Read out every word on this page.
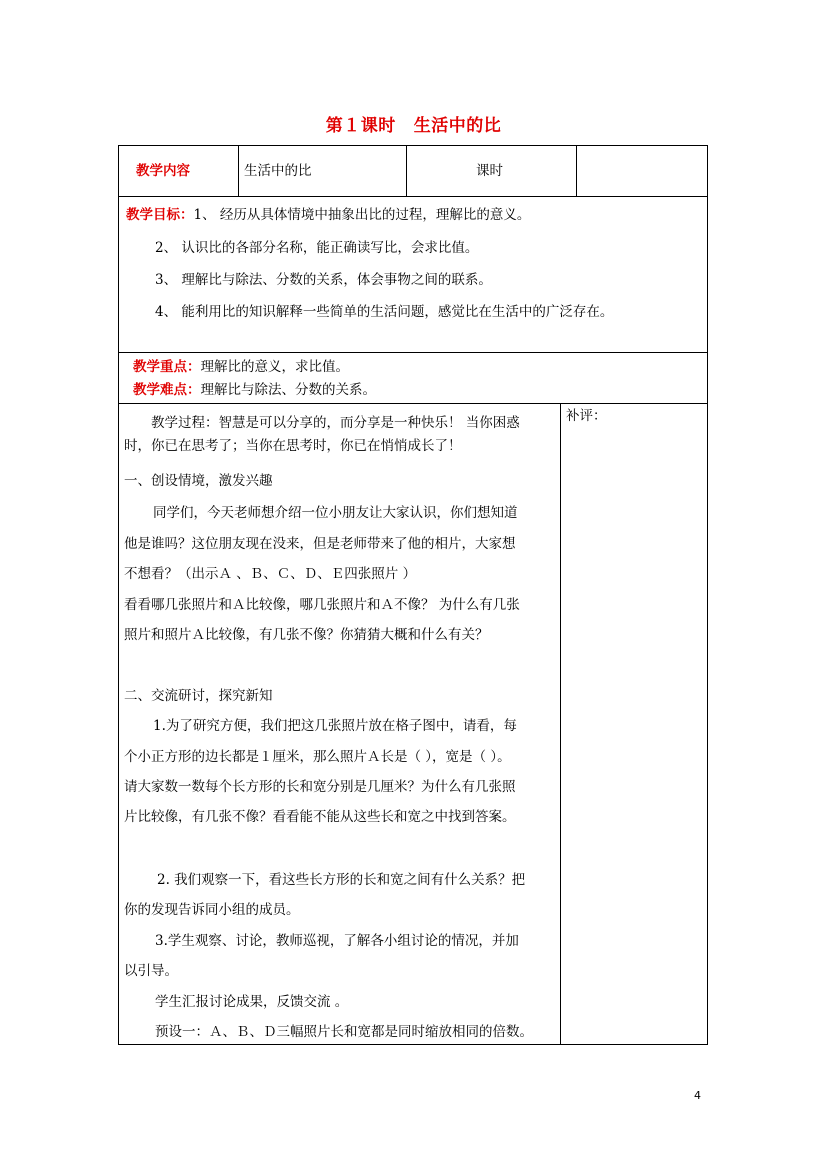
第１课时 生活中的比
教学内容	生活中的比	课时
教学目标：1、 经历从具体情境中抽象出比的过程，理解比的意义。
2、 认识比的各部分名称，能正确读写比，会求比值。
3、 理解比与除法、分数的关系，体会事物之间的联系。
4、 能利用比的知识解释一些简单的生活问题，感觉比在生活中的广泛存在。
教学重点：理解比的意义，求比值。
教学难点：理解比与除法、分数的关系。
补评：
教学过程：智慧是可以分享的，而分享是一种快乐！ 当你困惑
时，你已在思考了；当你在思考时，你已在悄悄成长了！
一、创设情境，激发兴趣
同学们，今天老师想介绍一位小朋友让大家认识，你们想知道
他是谁吗？这位朋友现在没来，但是老师带来了他的相片，大家想
不想看？（出示Ａ 、Ｂ、Ｃ、Ｄ、Ｅ四张照片 ）
看看哪几张照片和Ａ比较像，哪几张照片和Ａ不像？ 为什么有几张
照片和照片Ａ比较像，有几张不像？你猜猜大概和什么有关？
二、交流研讨，探究新知
1.为了研究方便，我们把这几张照片放在格子图中，请看，每
个小正方形的边长都是１厘米，那么照片Ａ长是（ ），宽是（ ）。
请大家数一数每个长方形的长和宽分别是几厘米？为什么有几张照
片比较像，有几张不像？看看能不能从这些长和宽之中找到答案。
2. 我们观察一下，看这些长方形的长和宽之间有什么关系？把
你的发现告诉同小组的成员。
3.学生观察、讨论，教师巡视，了解各小组讨论的情况，并加
以引导。
学生汇报讨论成果，反馈交流 。
预设一：Ａ、Ｂ、Ｄ三幅照片长和宽都是同时缩放相同的倍数。
4
